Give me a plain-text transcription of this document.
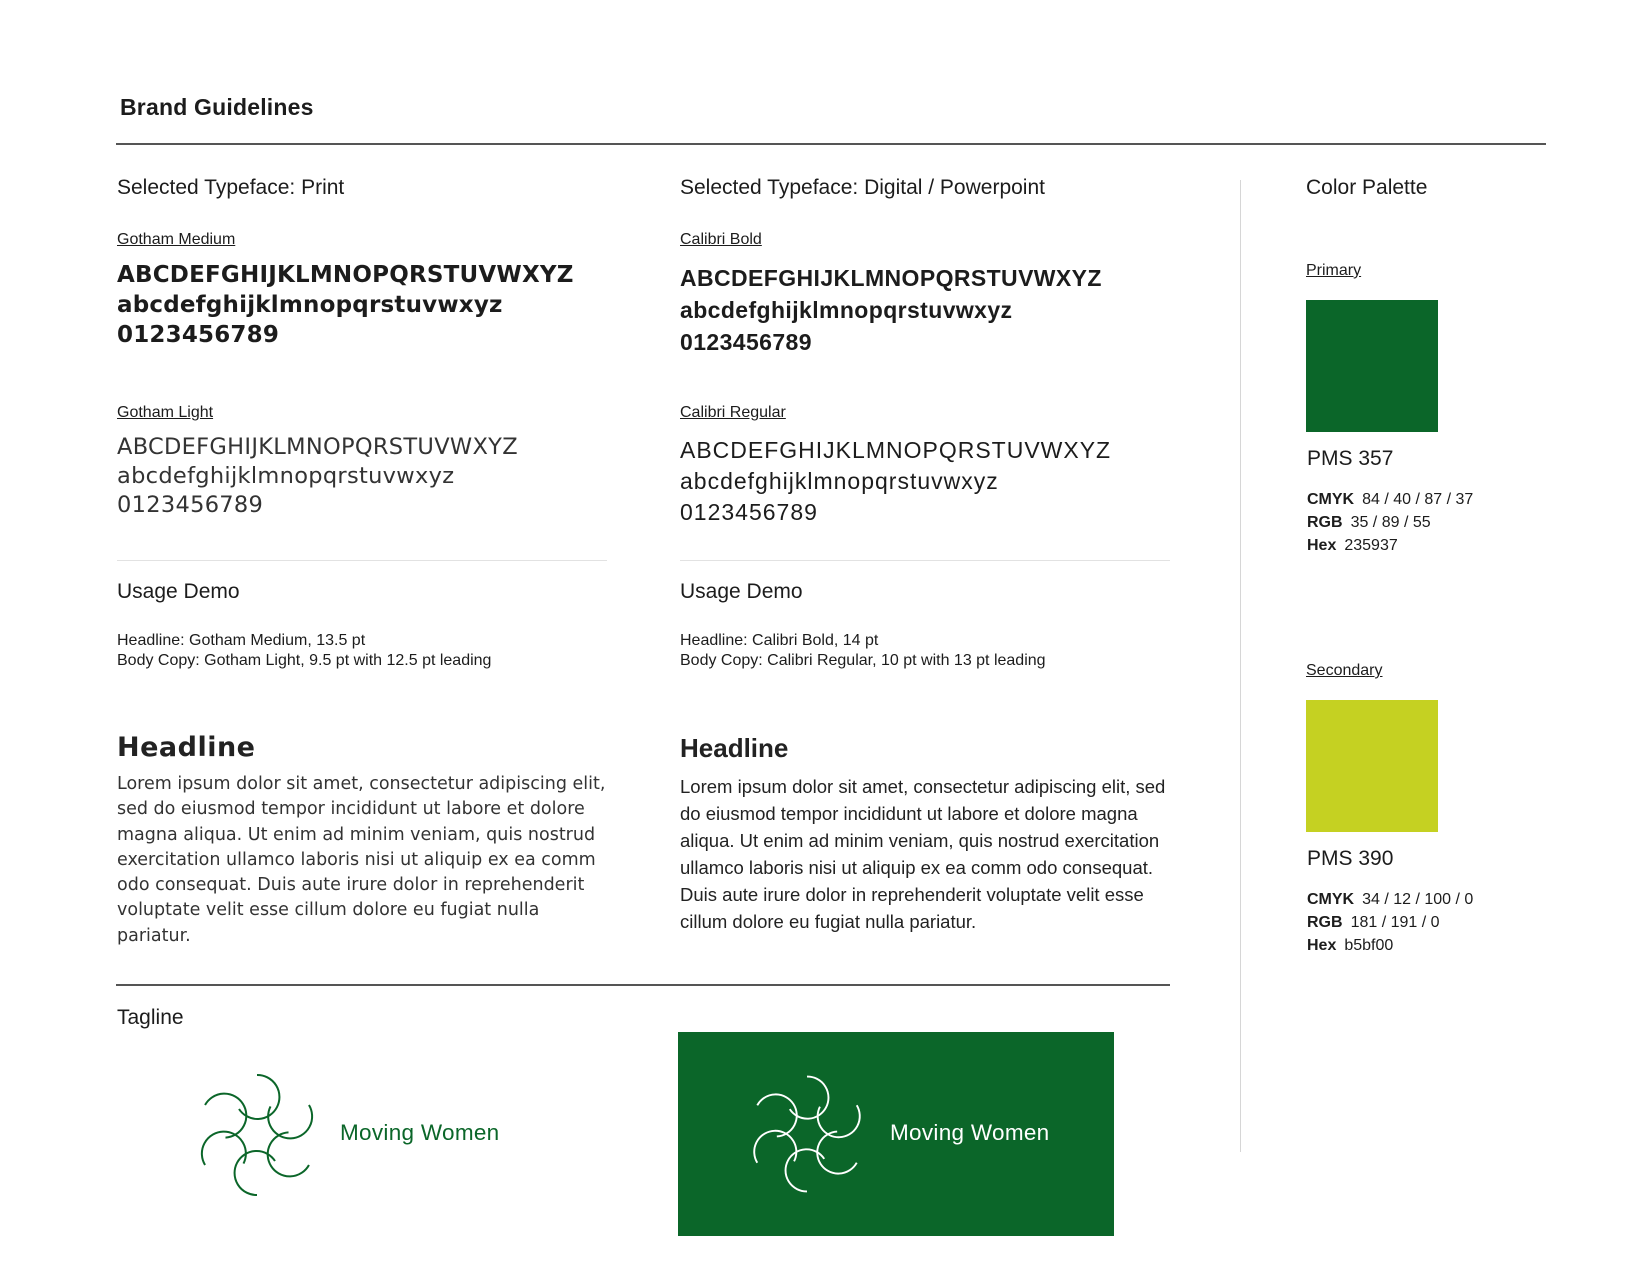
Brand Guidelines
Selected Typeface: Print
Gotham Medium
ABCDEFGHIJKLMNOPQRSTUVWXYZ
abcdefghijklmnopqrstuvwxyz
0123456789
Gotham Light
ABCDEFGHIJKLMNOPQRSTUVWXYZ
abcdefghijklmnopqrstuvwxyz
0123456789
Usage Demo
Headline: Gotham Medium, 13.5 pt
Body Copy: Gotham Light, 9.5 pt with 12.5 pt leading
Headline
Lorem ipsum dolor sit amet, consectetur adipiscing elit, sed do eiusmod tempor incididunt ut labore et dolore magna aliqua. Ut enim ad minim veniam, quis nostrud exercitation ullamco laboris nisi ut aliquip ex ea comm odo consequat. Duis aute irure dolor in reprehenderit voluptate velit esse cillum dolore eu fugiat nulla pariatur.
Selected Typeface: Digital / Powerpoint
Calibri Bold
ABCDEFGHIJKLMNOPQRSTUVWXYZ
abcdefghijklmnopqrstuvwxyz
0123456789
Calibri Regular
ABCDEFGHIJKLMNOPQRSTUVWXYZ
abcdefghijklmnopqrstuvwxyz
0123456789
Usage Demo
Headline: Calibri Bold, 14 pt
Body Copy: Calibri Regular, 10 pt with 13 pt leading
Headline
Lorem ipsum dolor sit amet, consectetur adipiscing elit, sed do eiusmod tempor incididunt ut labore et dolore magna aliqua. Ut enim ad minim veniam, quis nostrud exercitation ullamco laboris nisi ut aliquip ex ea comm odo consequat. Duis aute irure dolor in reprehenderit voluptate velit esse cillum dolore eu fugiat nulla pariatur.
Color Palette
Primary
PMS 357
CMYK 84 / 40 / 87 / 37
RGB 35 / 89 / 55
Hex 235937
Secondary
PMS 390
CMYK 34 / 12 / 100 / 0
RGB 181 / 191 / 0
Hex b5bf00
Tagline
Moving Women	Moving Women
